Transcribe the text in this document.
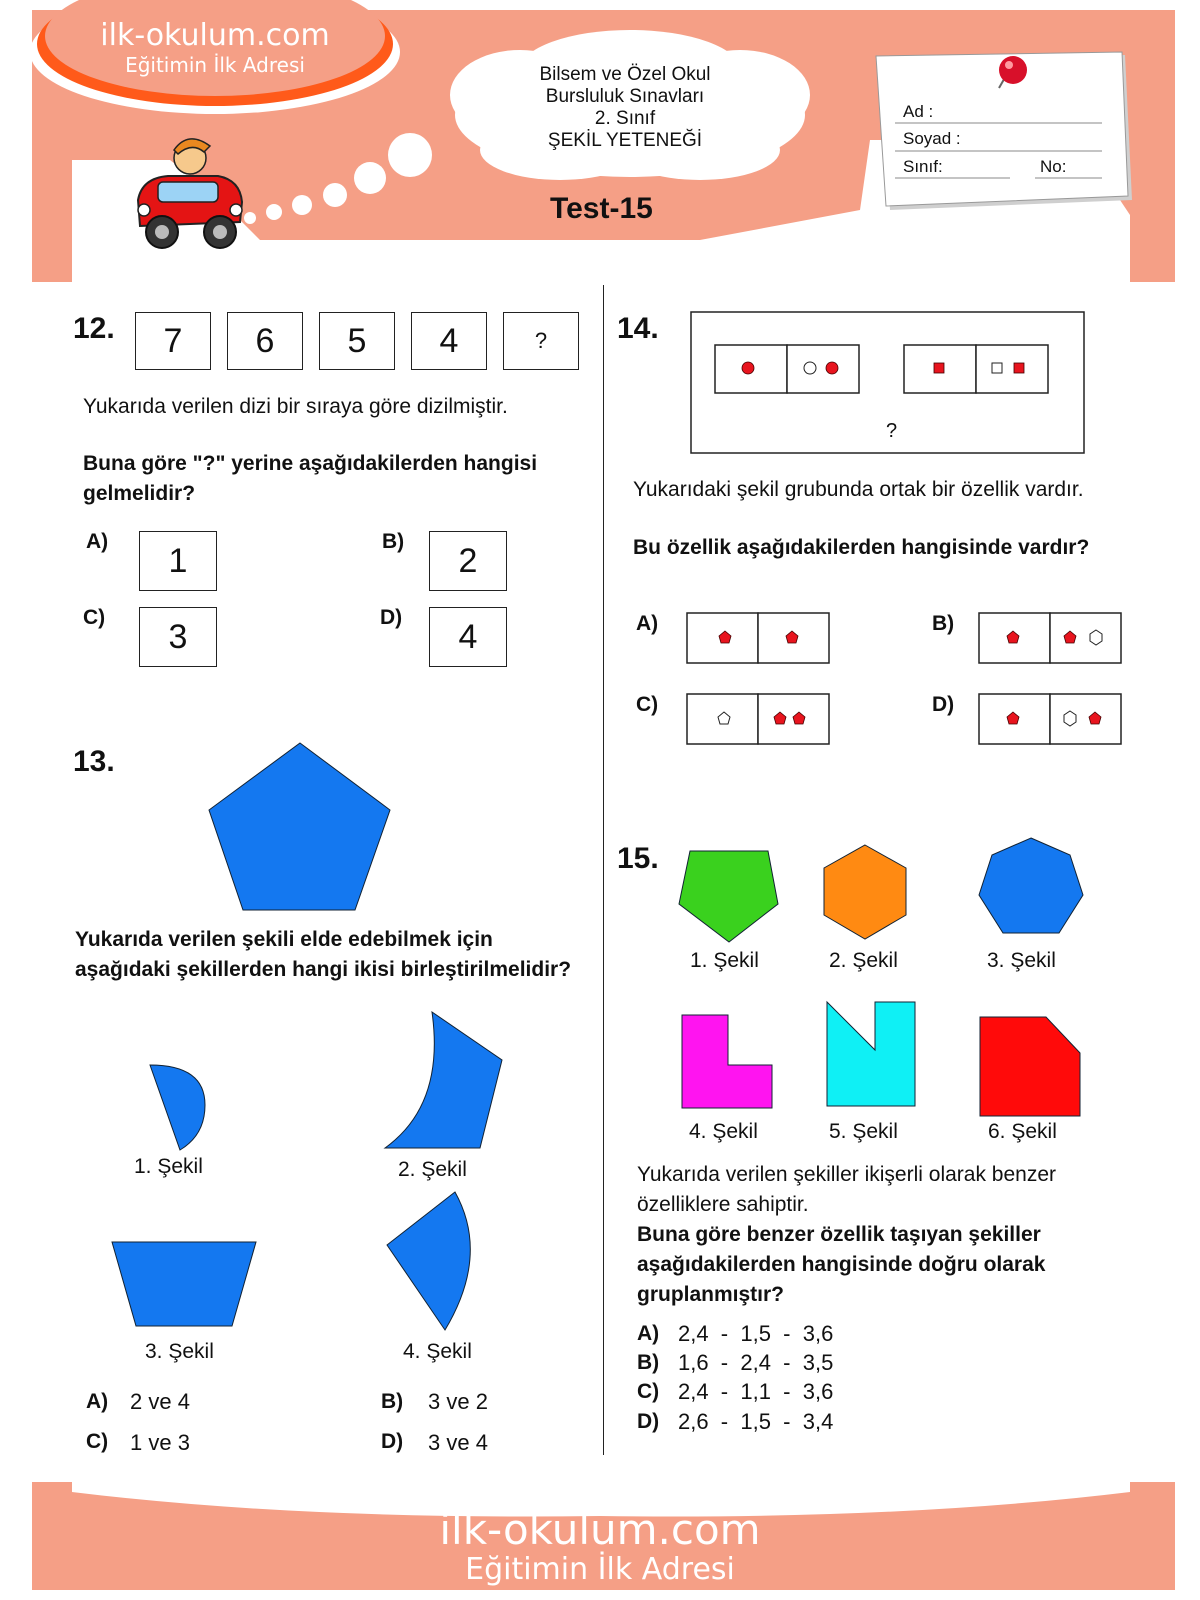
ilk-okulum.com
Eğitimin İlk Adresi	Bilsem ve Özel Okul
Bursluluk Sınavları
2. Sınıf
ŞEKİL YETENEĞİ
Test-15
Ad :
Soyad :
Sınıf:	No:
12.	7	6	5	4	?
Yukarıda verilen dizi bir sıraya göre dizilmiştir.
Buna göre "?" yerine aşağıdakilerden hangisi gelmelidir?
A)	1	B)	2
C)	3	D)	4
13.
Yukarıda verilen şekili elde edebilmek için aşağıdaki şekillerden hangi ikisi birleştirilmelidir?
1. Şekil	2. Şekil
3. Şekil	4. Şekil
A) 2 ve 4	B) 3 ve 2
C) 1 ve 3	D) 3 ve 4
14.
?
Yukarıdaki şekil grubunda ortak bir özellik vardır.
Bu özellik aşağıdakilerden hangisinde vardır?
A)	B)
C)	D)
15.
1. Şekil	2. Şekil	3. Şekil
4. Şekil	5. Şekil	6. Şekil
Yukarıda verilen şekiller ikişerli olarak benzer özelliklere sahiptir.
Buna göre benzer özellik taşıyan şekiller aşağıdakilerden hangisinde doğru olarak gruplanmıştır?
A) 2,4  -  1,5  -  3,6
B) 1,6  -  2,4  -  3,5
C) 2,4  -  1,1  -  3,6
D) 2,6  -  1,5  -  3,4
ilk-okulum.com
Eğitimin İlk Adresi
